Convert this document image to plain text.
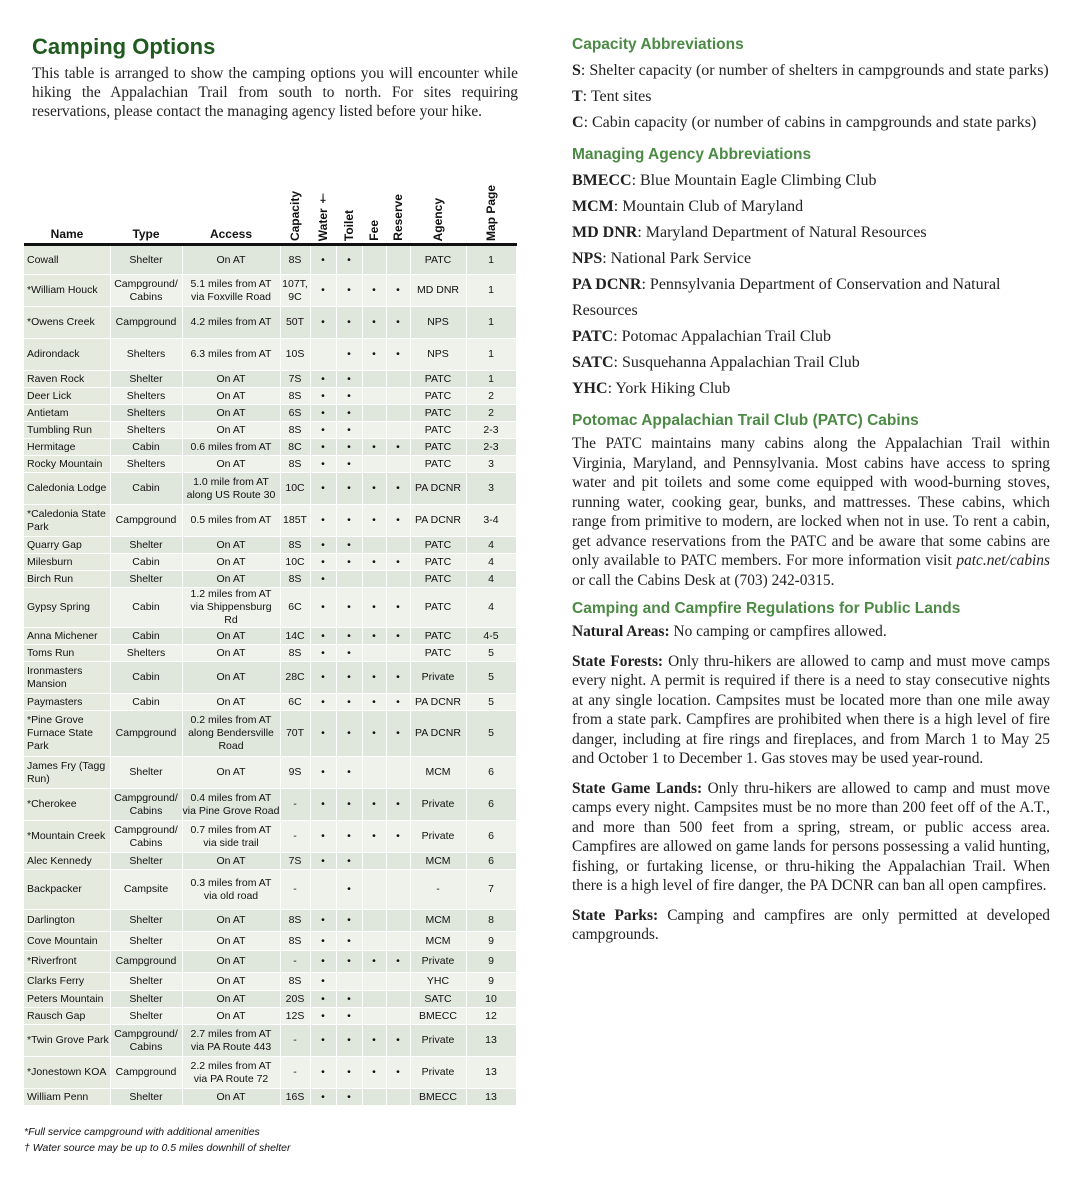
Camping Options

This table is arranged to show the camping options you will encounter while hiking the Appalachian Trail from south to north. For sites requiring reservations, please contact the managing agency listed before your hike.

Name	Type	Access	Capacity	Water †	Toilet	Fee	Reserve	Agency	Map Page

Cowall	Shelter	On AT	8S	•	•			PATC	1
*William Houck	Campground/ Cabins	5.1 miles from AT via Foxville Road	107T, 9C	•	•	•	•	MD DNR	1
*Owens Creek	Campground	4.2 miles from AT	50T	•	•	•	•	NPS	1
Adirondack	Shelters	6.3 miles from AT	10S		•	•	•	NPS	1
Raven Rock	Shelter	On AT	7S	•	•			PATC	1
Deer Lick	Shelters	On AT	8S	•	•			PATC	2
Antietam	Shelters	On AT	6S	•	•			PATC	2
Tumbling Run	Shelters	On AT	8S	•	•			PATC	2-3
Hermitage	Cabin	0.6 miles from AT	8C	•	•	•	•	PATC	2-3
Rocky Mountain	Shelters	On AT	8S	•	•			PATC	3
Caledonia Lodge	Cabin	1.0 mile from AT along US Route 30	10C	•	•	•	•	PA DCNR	3
*Caledonia State Park	Campground	0.5 miles from AT	185T	•	•	•	•	PA DCNR	3-4
Quarry Gap	Shelter	On AT	8S	•	•			PATC	4
Milesburn	Cabin	On AT	10C	•	•	•	•	PATC	4
Birch Run	Shelter	On AT	8S	•				PATC	4
Gypsy Spring	Cabin	1.2 miles from AT via Shippensburg Rd	6C	•	•	•	•	PATC	4
Anna Michener	Cabin	On AT	14C	•	•	•	•	PATC	4-5
Toms Run	Shelters	On AT	8S	•	•			PATC	5
Ironmasters Mansion	Cabin	On AT	28C	•	•	•	•	Private	5
Paymasters	Cabin	On AT	6C	•	•	•	•	PA DCNR	5
*Pine Grove Furnace State Park	Campground	0.2 miles from AT along Bendersville Road	70T	•	•	•	•	PA DCNR	5
James Fry (Tagg Run)	Shelter	On AT	9S	•	•			MCM	6
*Cherokee	Campground/ Cabins	0.4 miles from AT via Pine Grove Road	-	•	•	•	•	Private	6
*Mountain Creek	Campground/ Cabins	0.7 miles from AT via side trail	-	•	•	•	•	Private	6
Alec Kennedy	Shelter	On AT	7S	•	•			MCM	6
Backpacker	Campsite	0.3 miles from AT via old road	-		•			-	7
Darlington	Shelter	On AT	8S	•	•			MCM	8
Cove Mountain	Shelter	On AT	8S	•	•			MCM	9
*Riverfront	Campground	On AT	-	•	•	•	•	Private	9
Clarks Ferry	Shelter	On AT	8S	•				YHC	9
Peters Mountain	Shelter	On AT	20S	•	•			SATC	10
Rausch Gap	Shelter	On AT	12S	•	•			BMECC	12
*Twin Grove Park	Campground/ Cabins	2.7 miles from AT via PA Route 443	-	•	•	•	•	Private	13
*Jonestown KOA	Campground	2.2 miles from AT via PA Route 72	-	•	•	•	•	Private	13
William Penn	Shelter	On AT	16S	•	•			BMECC	13
*Full service campground with additional amenities
† Water source may be up to 0.5 miles downhill of shelter
Capacity Abbreviations
S: Shelter capacity (or number of shelters in campgrounds and state parks)
T: Tent sites
C: Cabin capacity (or number of cabins in campgrounds and state parks)
Managing Agency Abbreviations
BMECC: Blue Mountain Eagle Climbing Club
MCM: Mountain Club of Maryland
MD DNR: Maryland Department of Natural Resources
NPS: National Park Service
PA DCNR: Pennsylvania Department of Conservation and Natural Resources
PATC: Potomac Appalachian Trail Club
SATC: Susquehanna Appalachian Trail Club
YHC: York Hiking Club
Potomac Appalachian Trail Club (PATC) Cabins

The PATC maintains many cabins along the Appalachian Trail within Virginia, Maryland, and Pennsylvania. Most cabins have access to spring water and pit toilets and some come equipped with wood-burning stoves, running water, cooking gear, bunks, and mattresses. These cabins, which range from primitive to modern, are locked when not in use. To rent a cabin, get advance reservations from the PATC and be aware that some cabins are only available to PATC members. For more information visit patc.net/cabins or call the Cabins Desk at (703) 242-0315.

Camping and Campfire Regulations for Public Lands

Natural Areas: No camping or campfires allowed.

State Forests: Only thru-hikers are allowed to camp and must move camps every night. A permit is required if there is a need to stay consecutive nights at any single location. Campsites must be located more than one mile away from a state park. Campfires are prohibited when there is a high level of fire danger, including at fire rings and fireplaces, and from March 1 to May 25 and October 1 to December 1. Gas stoves may be used year-round.

State Game Lands: Only thru-hikers are allowed to camp and must move camps every night. Campsites must be no more than 200 feet off of the A.T., and more than 500 feet from a spring, stream, or public access area. Campfires are allowed on game lands for persons possessing a valid hunting, fishing, or furtaking license, or thru-hiking the Appalachian Trail. When there is a high level of fire danger, the PA DCNR can ban all open campfires.

State Parks: Camping and campfires are only permitted at developed campgrounds.
